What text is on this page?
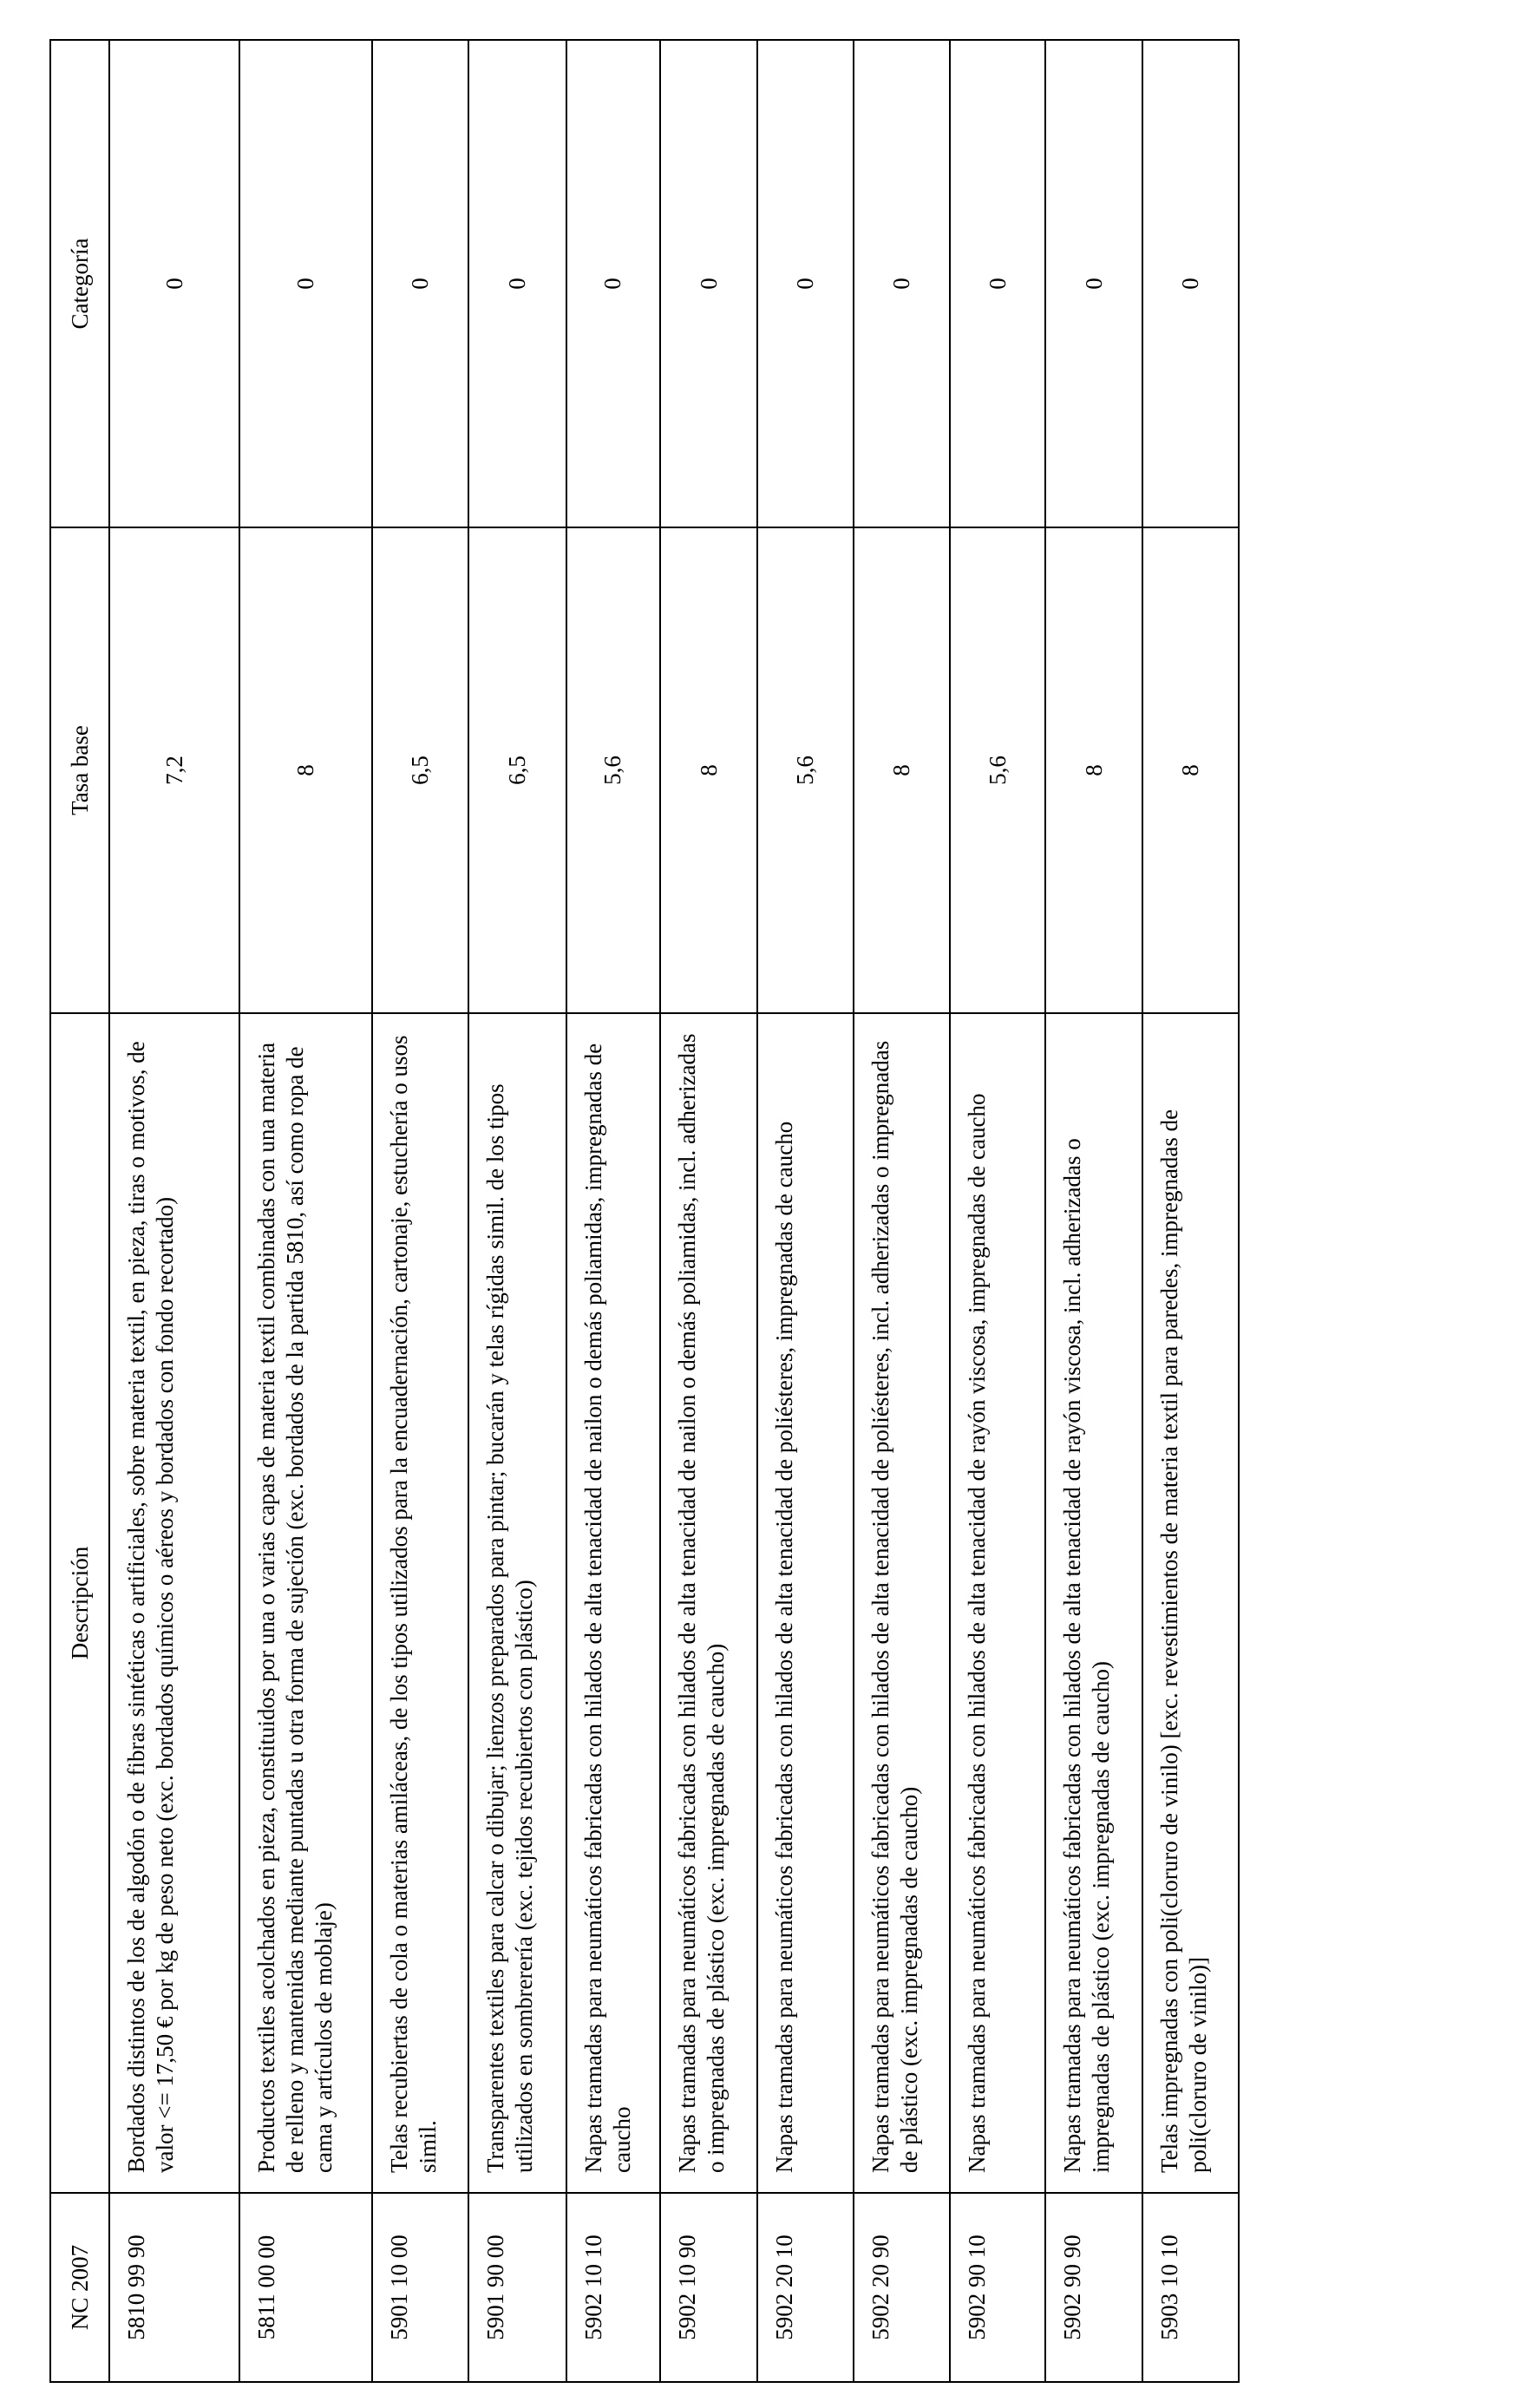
NC 2007	Descripción	Tasa base	Categoría
5810 99 90	Bordados distintos de los de algodón o de fibras sintéticas o artificiales, sobre materia textil, en pieza, tiras o motivos, de valor <= 17,50 € por kg de peso neto (exc. bordados químicos o aéreos y bordados con fondo recortado)	7,2	0
5811 00 00	Productos textiles acolchados en pieza, constituidos por una o varias capas de materia textil combinadas con una materia de relleno y mantenidas mediante puntadas u otra forma de sujeción (exc. bordados de la partida 5810, así como ropa de cama y artículos de moblaje)	8	0
5901 10 00	Telas recubiertas de cola o materias amiláceas, de los tipos utilizados para la encuadernación, cartonaje, estuchería o usos simil.	6,5	0
5901 90 00	Transparentes textiles para calcar o dibujar; lienzos preparados para pintar; bucarán y telas rígidas simil. de los tipos utilizados en sombrerería (exc. tejidos recubiertos con plástico)	6,5	0
5902 10 10	Napas tramadas para neumáticos fabricadas con hilados de alta tenacidad de nailon o demás poliamidas, impregnadas de caucho	5,6	0
5902 10 90	Napas tramadas para neumáticos fabricadas con hilados de alta tenacidad de nailon o demás poliamidas, incl. adherizadas o impregnadas de plástico (exc. impregnadas de caucho)	8	0
5902 20 10	Napas tramadas para neumáticos fabricadas con hilados de alta tenacidad de poliésteres, impregnadas de caucho	5,6	0
5902 20 90	Napas tramadas para neumáticos fabricadas con hilados de alta tenacidad de poliésteres, incl. adherizadas o impregnadas de plástico (exc. impregnadas de caucho)	8	0
5902 90 10	Napas tramadas para neumáticos fabricadas con hilados de alta tenacidad de rayón viscosa, impregnadas de caucho	5,6	0
5902 90 90	Napas tramadas para neumáticos fabricadas con hilados de alta tenacidad de rayón viscosa, incl. adherizadas o impregnadas de plástico (exc. impregnadas de caucho)	8	0
5903 10 10	Telas impregnadas con poli(cloruro de vinilo) [exc. revestimientos de materia textil para paredes, impregnadas de poli(cloruro de vinilo)]	8	0
